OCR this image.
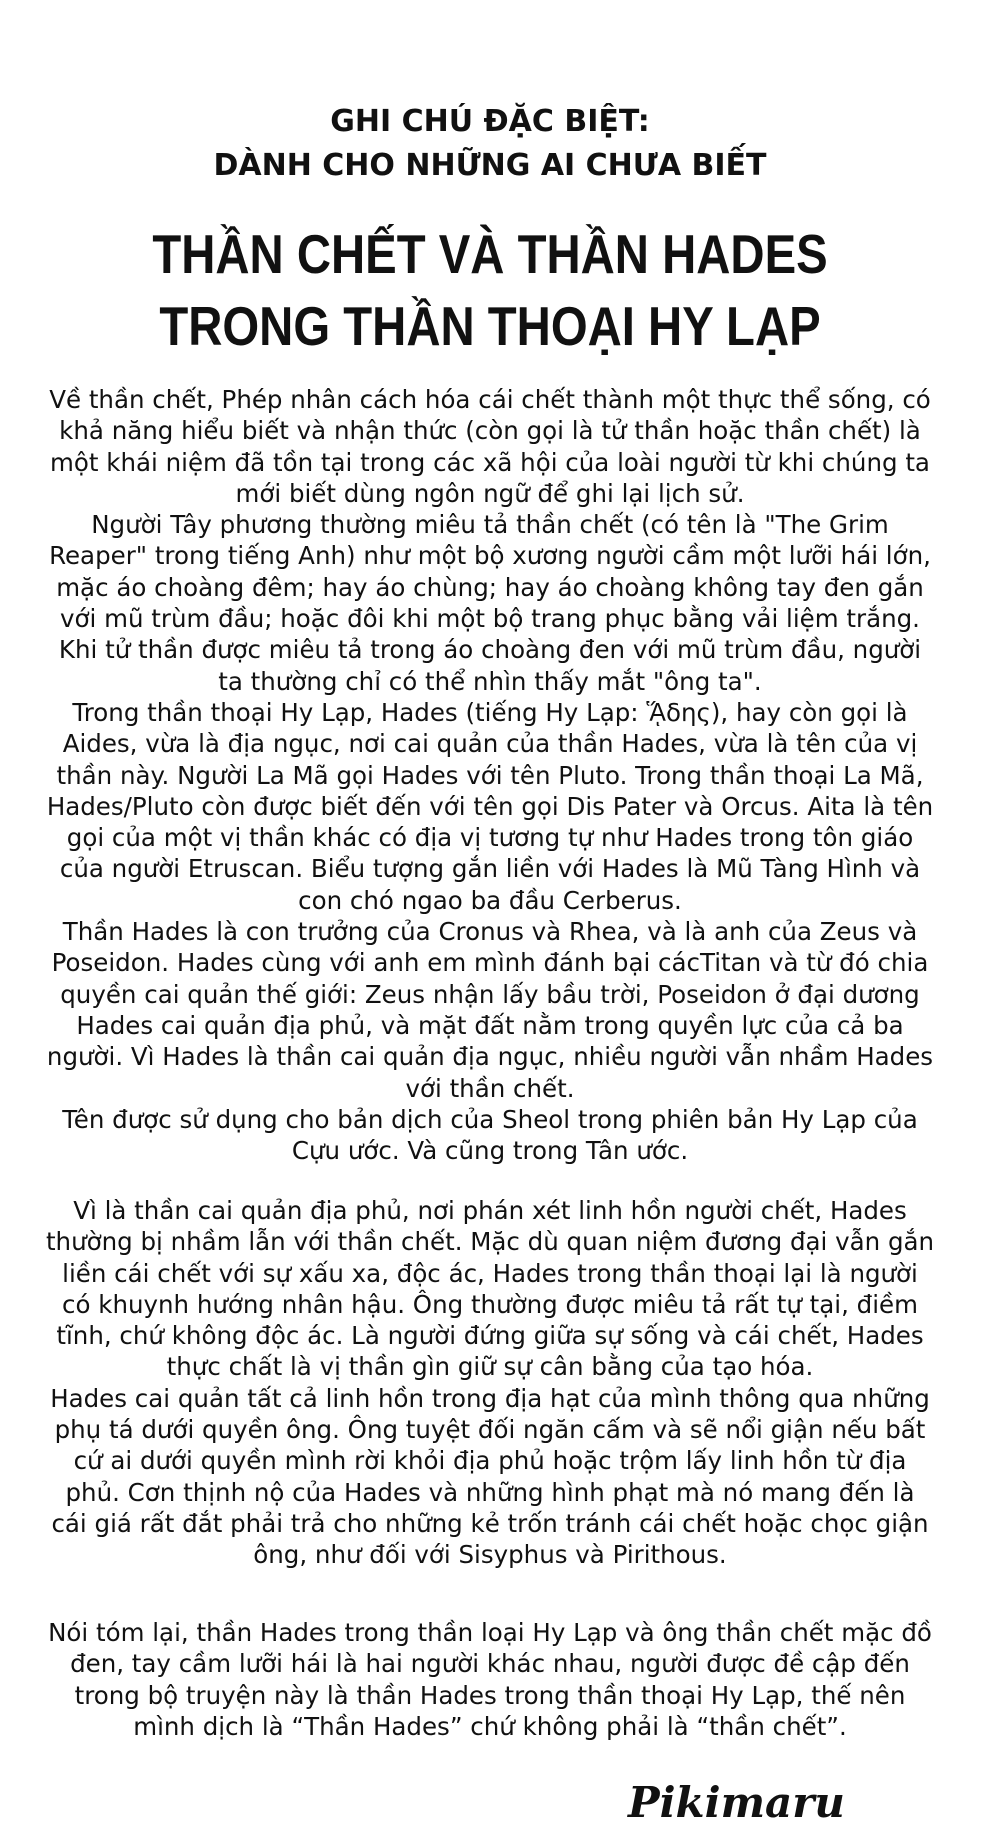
GHI CHÚ ĐẶC BIỆT:
DÀNH CHO NHỮNG AI CHƯA BIẾT
THẦN CHẾT VÀ THẦN HADES
TRONG THẦN THOẠI HY LẠP

Về thần chết, Phép nhân cách hóa cái chết thành một thực thể sống, có khả năng hiểu biết và nhận thức (còn gọi là tử thần hoặc thần chết) là một khái niệm đã tồn tại trong các xã hội của loài người từ khi chúng ta mới biết dùng ngôn ngữ để ghi lại lịch sử.

Người Tây phương thường miêu tả thần chết (có tên là "The Grim Reaper" trong tiếng Anh) như một bộ xương người cầm một lưỡi hái lớn, mặc áo choàng đêm; hay áo chùng; hay áo choàng không tay đen gắn với mũ trùm đầu; hoặc đôi khi một bộ trang phục bằng vải liệm trắng. Khi tử thần được miêu tả trong áo choàng đen với mũ trùm đầu, người ta thường chỉ có thể nhìn thấy mắt "ông ta".

Trong thần thoại Hy Lạp, Hades (tiếng Hy Lạp: ᾍδης), hay còn gọi là Aides, vừa là địa ngục, nơi cai quản của thần Hades, vừa là tên của vị thần này. Người La Mã gọi Hades với tên Pluto. Trong thần thoại La Mã, Hades/Pluto còn được biết đến với tên gọi Dis Pater và Orcus. Aita là tên gọi của một vị thần khác có địa vị tương tự như Hades trong tôn giáo của người Etruscan. Biểu tượng gắn liền với Hades là Mũ Tàng Hình và con chó ngao ba đầu Cerberus.

Thần Hades là con trưởng của Cronus và Rhea, và là anh của Zeus và Poseidon. Hades cùng với anh em mình đánh bại cácTitan và từ đó chia quyền cai quản thế giới: Zeus nhận lấy bầu trời, Poseidon ở đại dương Hades cai quản địa phủ, và mặt đất nằm trong quyền lực của cả ba người. Vì Hades là thần cai quản địa ngục, nhiều người vẫn nhầm Hades với thần chết.

Tên được sử dụng cho bản dịch của Sheol trong phiên bản Hy Lạp của Cựu ước. Và cũng trong Tân ước.

Vì là thần cai quản địa phủ, nơi phán xét linh hồn người chết, Hades thường bị nhầm lẫn với thần chết. Mặc dù quan niệm đương đại vẫn gắn liền cái chết với sự xấu xa, độc ác, Hades trong thần thoại lại là người có khuynh hướng nhân hậu. Ông thường được miêu tả rất tự tại, điềm tĩnh, chứ không độc ác. Là người đứng giữa sự sống và cái chết, Hades thực chất là vị thần gìn giữ sự cân bằng của tạo hóa.

Hades cai quản tất cả linh hồn trong địa hạt của mình thông qua những phụ tá dưới quyền ông. Ông tuyệt đối ngăn cấm và sẽ nổi giận nếu bất cứ ai dưới quyền mình rời khỏi địa phủ hoặc trộm lấy linh hồn từ địa phủ. Cơn thịnh nộ của Hades và những hình phạt mà nó mang đến là cái giá rất đắt phải trả cho những kẻ trốn tránh cái chết hoặc chọc giận ông, như đối với Sisyphus và Pirithous.

Nói tóm lại, thần Hades trong thần loại Hy Lạp và ông thần chết mặc đồ đen, tay cầm lưỡi hái là hai người khác nhau, người được đề cập đến trong bộ truyện này là thần Hades trong thần thoại Hy Lạp, thế nên mình dịch là “Thần Hades” chứ không phải là “thần chết”.

Pikimaru
